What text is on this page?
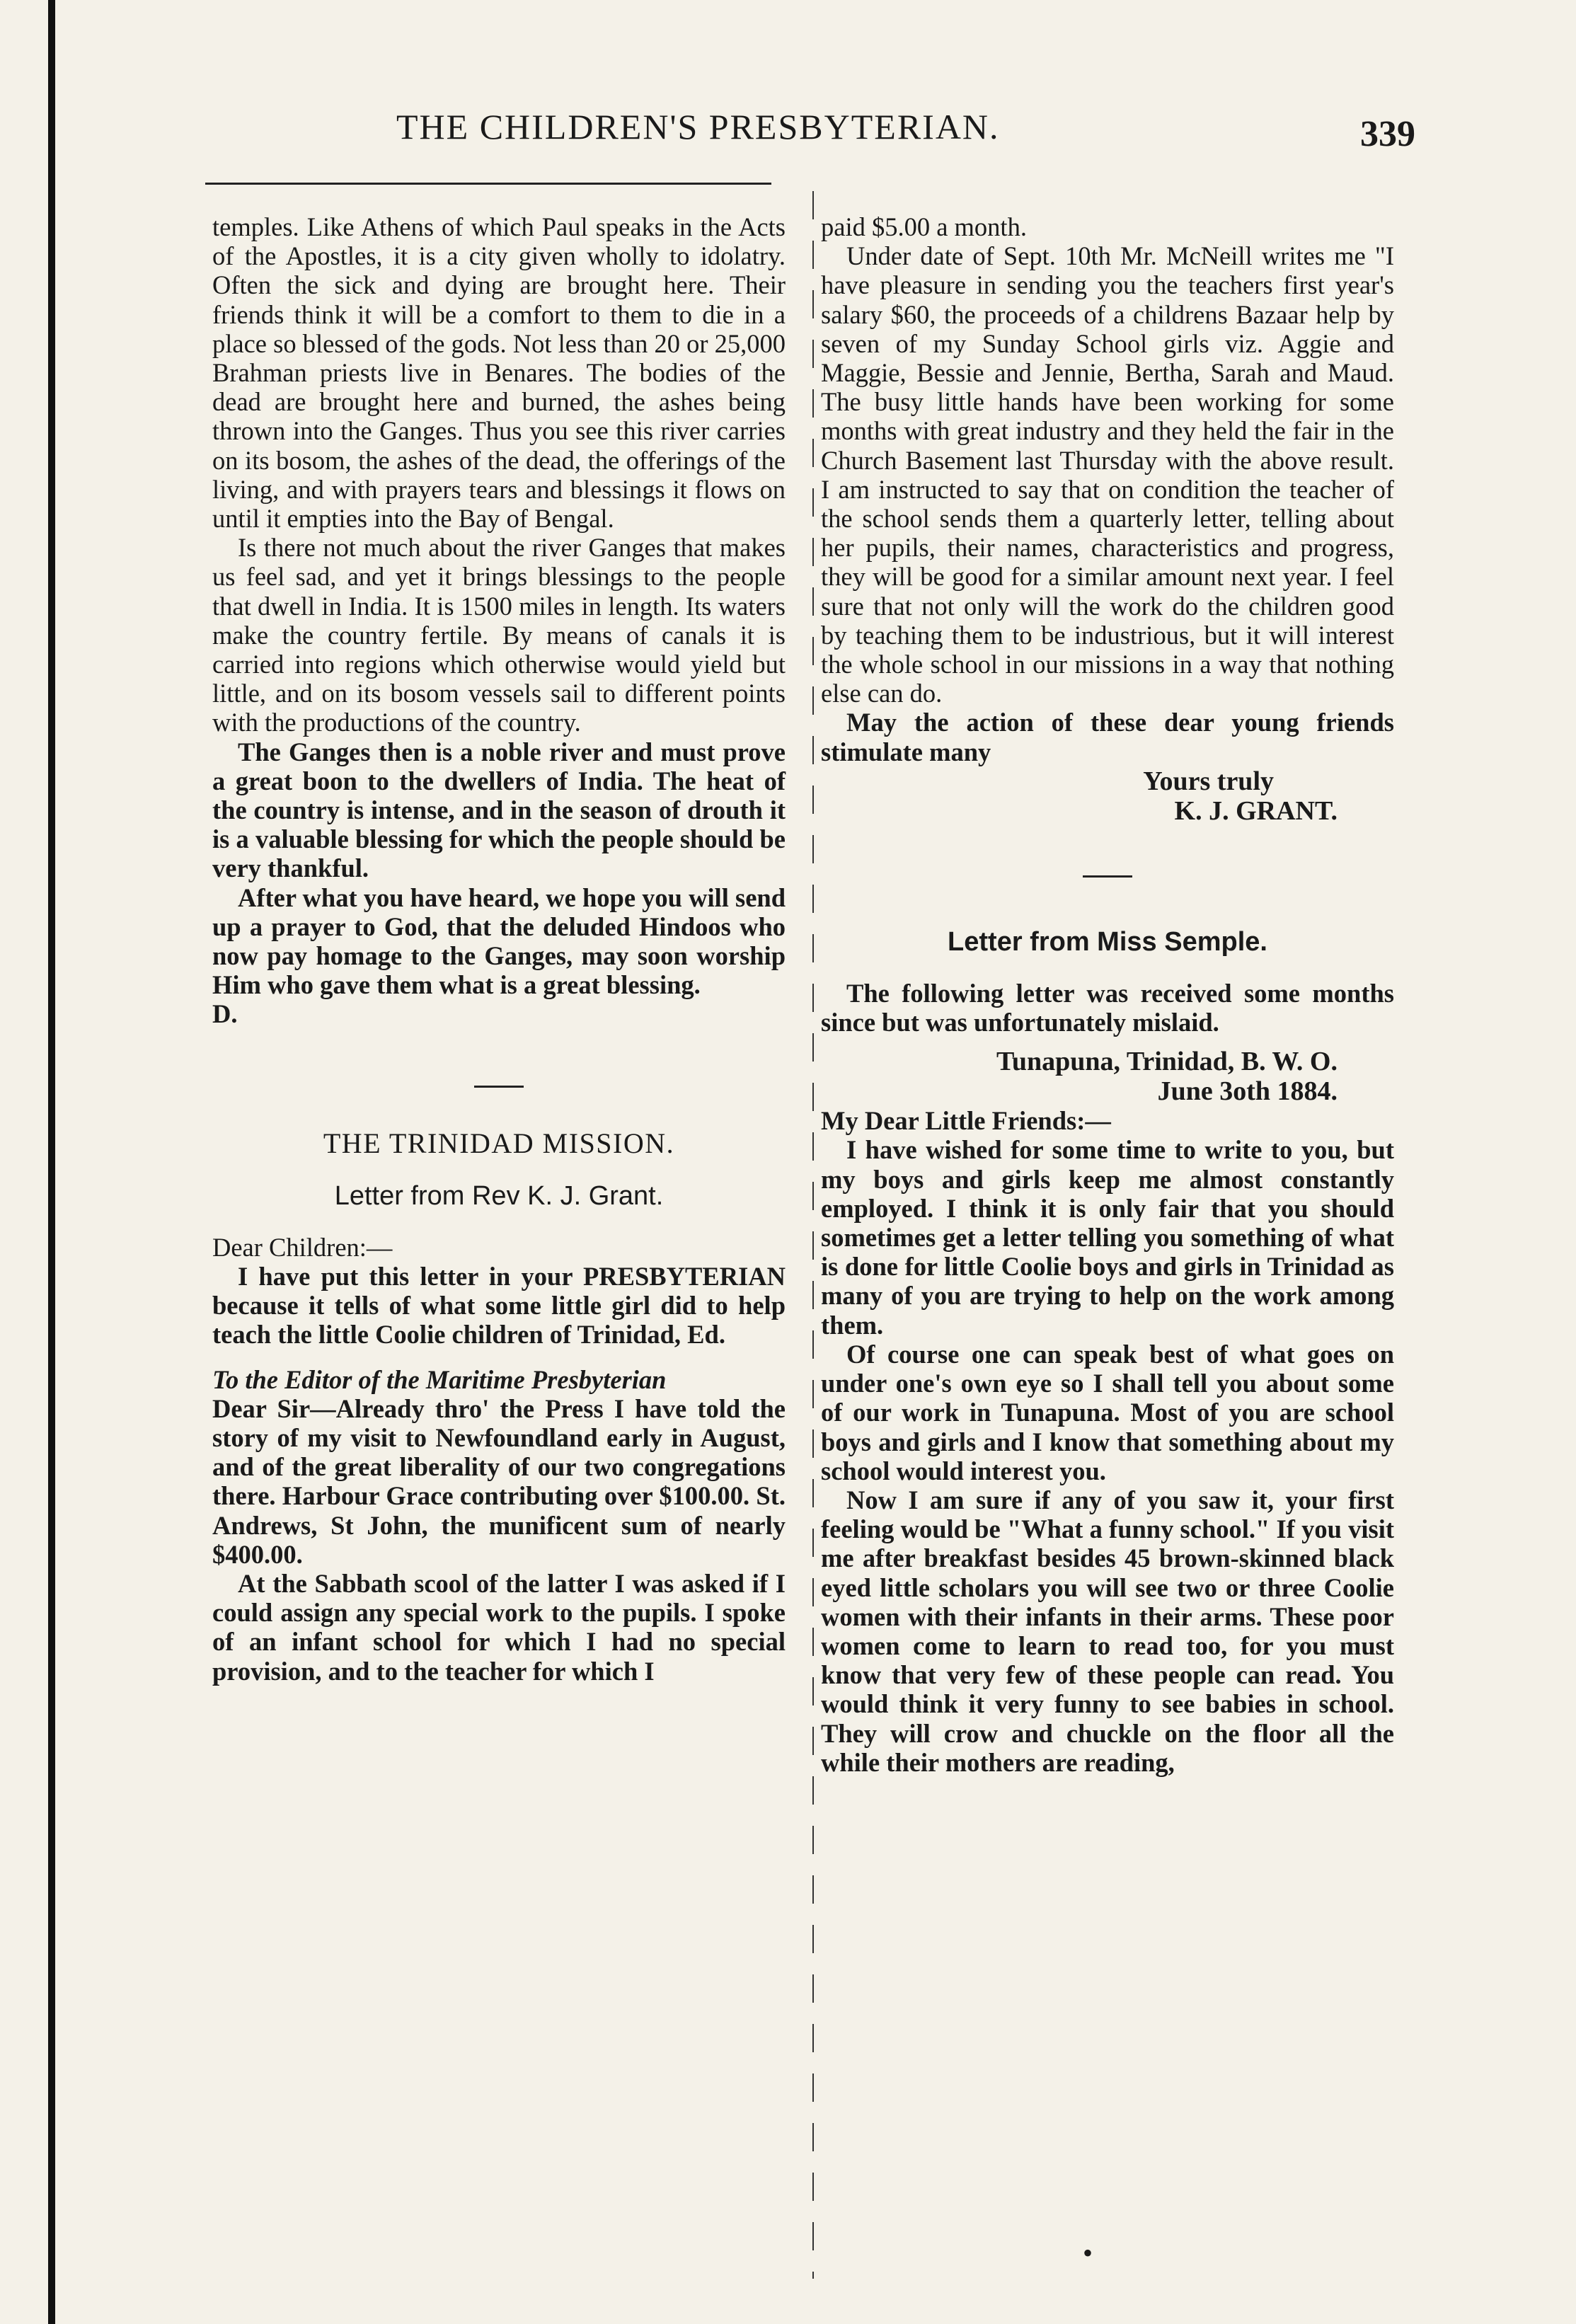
THE CHILDREN'S PRESBYTERIAN.	339

temples. Like Athens of which Paul speaks in the Acts of the Apostles, it is a city given wholly to idolatry. Often the sick and dying are brought here. Their friends think it will be a comfort to them to die in a place so blessed of the gods. Not less than 20 or 25,000 Brahman priests live in Benares. The bodies of the dead are brought here and burned, the ashes being thrown into the Ganges. Thus you see this river carries on its bosom, the ashes of the dead, the offerings of the living, and with prayers tears and blessings it flows on until it empties into the Bay of Bengal.

Is there not much about the river Ganges that makes us feel sad, and yet it brings blessings to the people that dwell in India. It is 1500 miles in length. Its waters make the country fertile. By means of canals it is carried into regions which otherwise would yield but little, and on its bosom vessels sail to different points with the productions of the country.

The Ganges then is a noble river and must prove a great boon to the dwellers of India. The heat of the country is intense, and in the season of drouth it is a valuable blessing for which the people should be very thankful.

After what you have heard, we hope you will send up a prayer to God, that the deluded Hindoos who now pay homage to the Ganges, may soon worship Him who gave them what is a great blessing.

D.

THE TRINIDAD MISSION.
Letter from Rev K. J. Grant.

Dear Children:—

I have put this letter in your PRESBYTERIAN because it tells of what some little girl did to help teach the little Coolie children of Trinidad, Ed.

To the Editor of the Maritime Presbyterian

Dear Sir—Already thro' the Press I have told the story of my visit to Newfoundland early in August, and of the great liberality of our two congregations there. Harbour Grace contributing over $100.00. St. Andrews, St John, the munificent sum of nearly $400.00.

At the Sabbath scool of the latter I was asked if I could assign any special work to the pupils. I spoke of an infant school for which I had no special provision, and to the teacher for which I

paid $5.00 a month.

Under date of Sept. 10th Mr. McNeill writes me "I have pleasure in sending you the teachers first year's salary $60, the proceeds of a childrens Bazaar help by seven of my Sunday School girls viz. Aggie and Maggie, Bessie and Jennie, Bertha, Sarah and Maud. The busy little hands have been working for some months with great industry and they held the fair in the Church Basement last Thursday with the above result. I am instructed to say that on condition the teacher of the school sends them a quarterly letter, telling about her pupils, their names, characteristics and progress, they will be good for a similar amount next year. I feel sure that not only will the work do the children good by teaching them to be industrious, but it will interest the whole school in our missions in a way that nothing else can do.

May the action of these dear young friends stimulate many

Yours truly
K. J. GRANT.
Letter from Miss Semple.

The following letter was received some months since but was unfortunately mislaid.

Tunapuna, Trinidad, B. W. O.
June 3oth 1884.

My Dear Little Friends:—

I have wished for some time to write to you, but my boys and girls keep me almost constantly employed. I think it is only fair that you should sometimes get a letter telling you something of what is done for little Coolie boys and girls in Trinidad as many of you are trying to help on the work among them.

Of course one can speak best of what goes on under one's own eye so I shall tell you about some of our work in Tunapuna. Most of you are school boys and girls and I know that something about my school would interest you.

Now I am sure if any of you saw it, your first feeling would be "What a funny school." If you visit me after breakfast besides 45 brown-skinned black eyed little scholars you will see two or three Coolie women with their infants in their arms. These poor women come to learn to read too, for you must know that very few of these people can read. You would think it very funny to see babies in school. They will crow and chuckle on the floor all the while their mothers are reading,

•
